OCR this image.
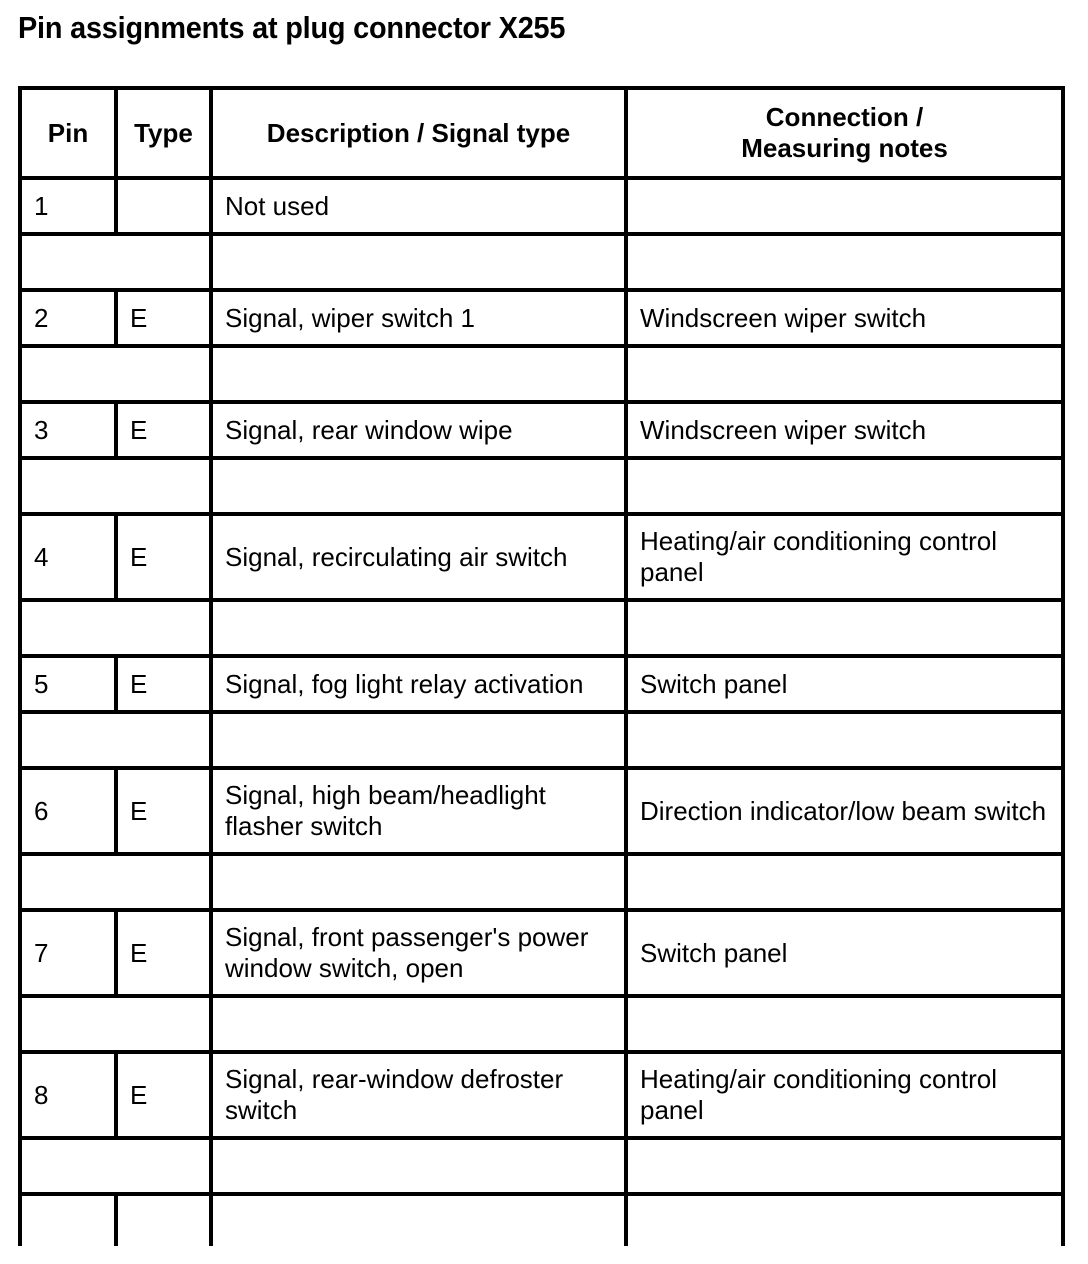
Pin assignments at plug connector X255
Pin	Type	Description / Signal type	Connection /
Measuring notes

1		Not used	

2	E	Signal, wiper switch 1	Windscreen wiper switch

3	E	Signal, rear window wipe	Windscreen wiper switch

4	E	Signal, recirculating air switch	Heating/air conditioning control panel

5	E	Signal, fog light relay activation	Switch panel

6	E	Signal, high beam/headlight flasher switch	Direction indicator/low beam switch

7	E	Signal, front passenger's power window switch, open	Switch panel

8	E	Signal, rear-window defroster switch	Heating/air conditioning control panel
